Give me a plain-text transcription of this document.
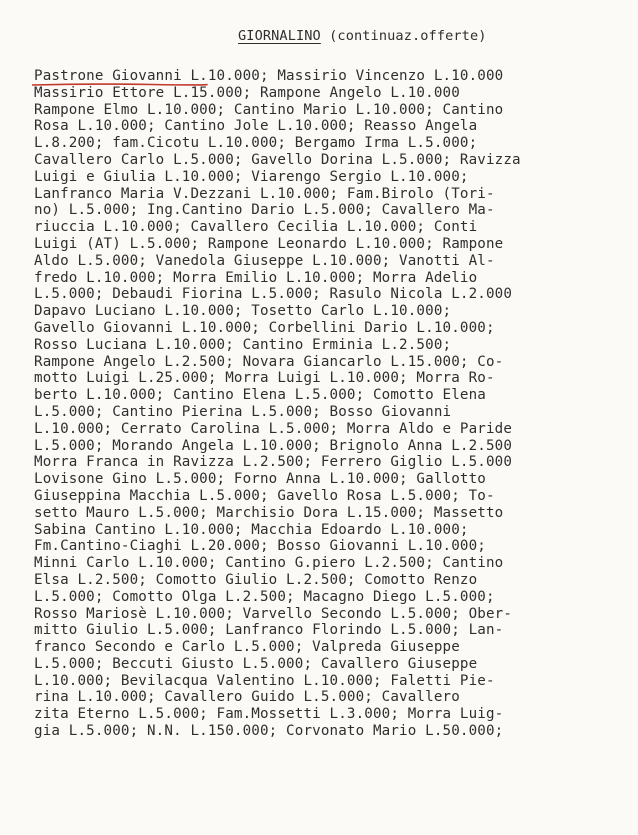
GIORNALINO (continuaz.offerte)
Pastrone Giovanni L.10.000; Massirio Vincenzo L.10.000
Massirio Ettore L.15.000; Rampone Angelo L.10.000
Rampone Elmo L.10.000; Cantino Mario L.10.000; Cantino
Rosa L.10.000; Cantino Jole L.10.000; Reasso Angela
L.8.200; fam.Cicotu L.10.000; Bergamo Irma L.5.000;
Cavallero Carlo L.5.000; Gavello Dorina L.5.000; Ravizza
Luigi e Giulia L.10.000; Viarengo Sergio L.10.000;
Lanfranco Maria V.Dezzani L.10.000; Fam.Birolo (Tori-
no) L.5.000; Ing.Cantino Dario L.5.000; Cavallero Ma-
riuccia L.10.000; Cavallero Cecilia L.10.000; Conti
Luigi (AT) L.5.000; Rampone Leonardo L.10.000; Rampone
Aldo L.5.000; Vanedola Giuseppe L.10.000; Vanotti Al-
fredo L.10.000; Morra Emilio L.10.000; Morra Adelio
L.5.000; Debaudi Fiorina L.5.000; Rasulo Nicola L.2.000
Dapavo Luciano L.10.000; Tosetto Carlo L.10.000;
Gavello Giovanni L.10.000; Corbellini Dario L.10.000;
Rosso Luciana L.10.000; Cantino Erminia L.2.500;
Rampone Angelo L.2.500; Novara Giancarlo L.15.000; Co-
motto Luigi L.25.000; Morra Luigi L.10.000; Morra Ro-
berto L.10.000; Cantino Elena L.5.000; Comotto Elena
L.5.000; Cantino Pierina L.5.000; Bosso Giovanni
L.10.000; Cerrato Carolina L.5.000; Morra Aldo e Paride
L.5.000; Morando Angela L.10.000; Brignolo Anna L.2.500
Morra Franca in Ravizza L.2.500; Ferrero Giglio L.5.000
Lovisone Gino L.5.000; Forno Anna L.10.000; Gallotto
Giuseppina Macchia L.5.000; Gavello Rosa L.5.000; To-
setto Mauro L.5.000; Marchisio Dora L.15.000; Massetto
Sabina Cantino L.10.000; Macchia Edoardo L.10.000;
Fm.Cantino-Ciaghi L.20.000; Bosso Giovanni L.10.000;
Minni Carlo L.10.000; Cantino G.piero L.2.500; Cantino
Elsa L.2.500; Comotto Giulio L.2.500; Comotto Renzo
L.5.000; Comotto Olga L.2.500; Macagno Diego L.5.000;
Rosso Mariosè L.10.000; Varvello Secondo L.5.000; Ober-
mitto Giulio L.5.000; Lanfranco Florindo L.5.000; Lan-
franco Secondo e Carlo L.5.000; Valpreda Giuseppe
L.5.000; Beccuti Giusto L.5.000; Cavallero Giuseppe
L.10.000; Bevilacqua Valentino L.10.000; Faletti Pie-
rina L.10.000; Cavallero Guido L.5.000; Cavallero
zita Eterno L.5.000; Fam.Mossetti L.3.000; Morra Luig-
gia L.5.000; N.N. L.150.000; Corvonato Mario L.50.000;
